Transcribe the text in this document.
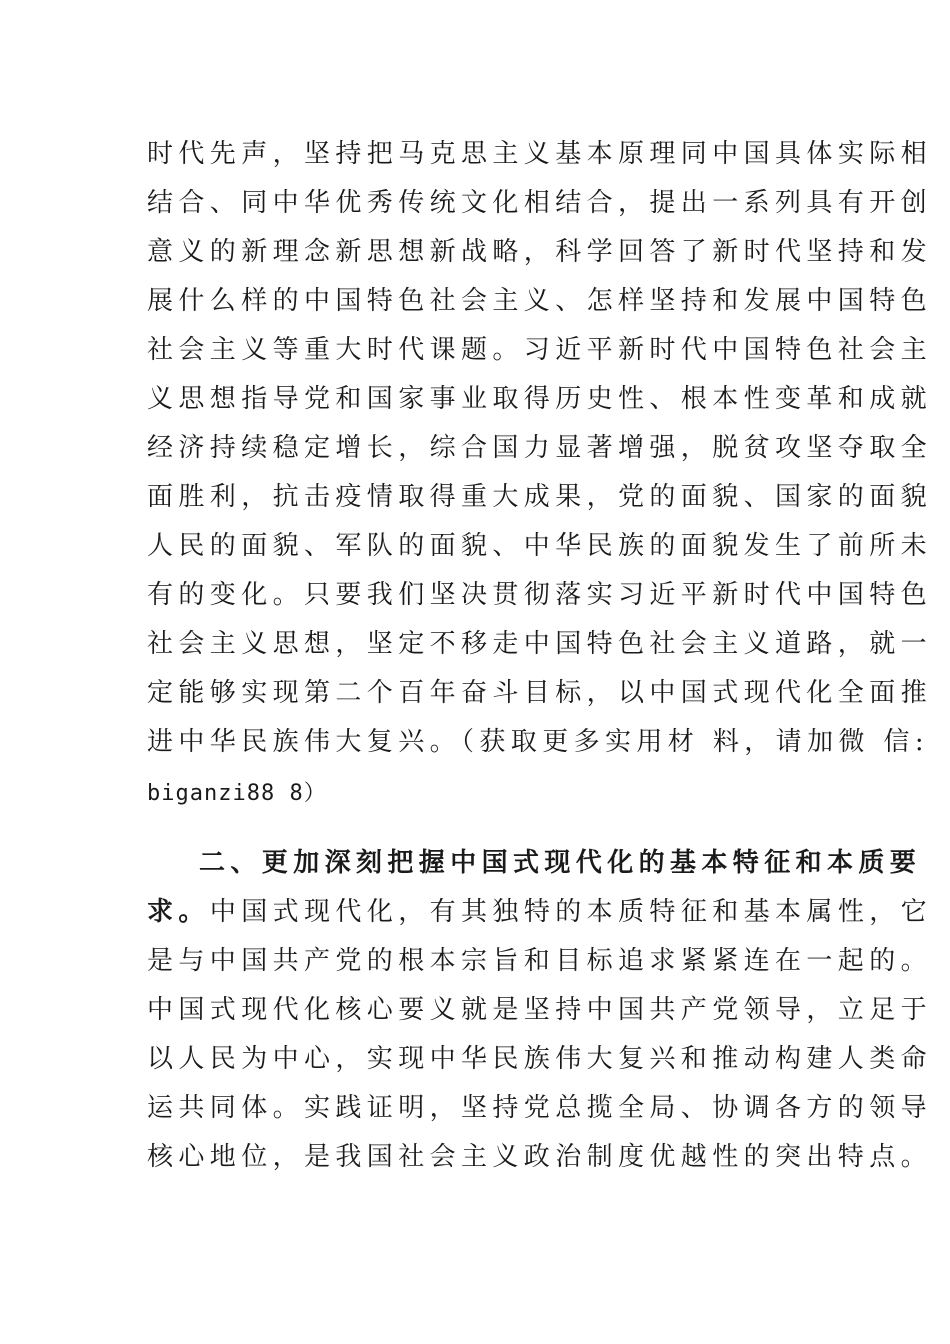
时代先声，坚持把马克思主义基本原理同中国具体实际相
结合、同中华优秀传统文化相结合，提出一系列具有开创
意义的新理念新思想新战略，科学回答了新时代坚持和发
展什么样的中国特色社会主义、怎样坚持和发展中国特色
社会主义等重大时代课题。习近平新时代中国特色社会主
义思想指导党和国家事业取得历史性、根本性变革和成就
经济持续稳定增长，综合国力显著增强，脱贫攻坚夺取全
面胜利，抗击疫情取得重大成果，党的面貌、国家的面貌
人民的面貌、军队的面貌、中华民族的面貌发生了前所未
有的变化。只要我们坚决贯彻落实习近平新时代中国特色
社会主义思想，坚定不移走中国特色社会主义道路，就一
定能够实现第二个百年奋斗目标，以中国式现代化全面推
进中华民族伟大复兴。（获取更多实用材 料，请加微 信:
biganzi88 8）
二、更加深刻把握中国式现代化的基本特征和本质要
求。中国式现代化，有其独特的本质特征和基本属性，它
是与中国共产党的根本宗旨和目标追求紧紧连在一起的。
中国式现代化核心要义就是坚持中国共产党领导，立足于
以人民为中心，实现中华民族伟大复兴和推动构建人类命
运共同体。实践证明，坚持党总揽全局、协调各方的领导
核心地位，是我国社会主义政治制度优越性的突出特点。
